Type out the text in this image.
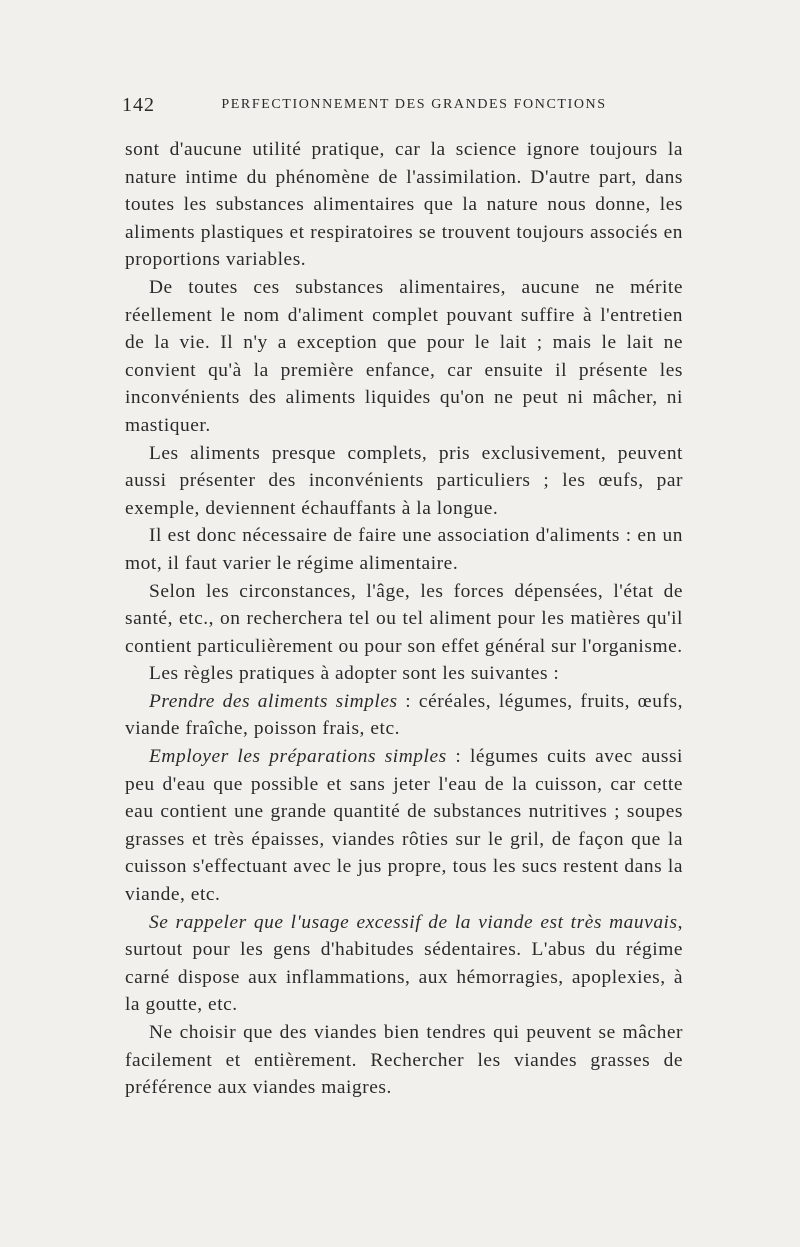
142	PERFECTIONNEMENT DES GRANDES FONCTIONS

sont d'aucune utilité pratique, car la science ignore toujours la nature intime du phénomène de l'assimilation. D'autre part, dans toutes les substances alimentaires que la nature nous donne, les aliments plastiques et respiratoires se trouvent toujours associés en proportions variables.

De toutes ces substances alimentaires, aucune ne mérite réellement le nom d'aliment complet pouvant suffire à l'entretien de la vie. Il n'y a exception que pour le lait ; mais le lait ne convient qu'à la première enfance, car ensuite il présente les inconvénients des aliments liquides qu'on ne peut ni mâcher, ni mastiquer.

Les aliments presque complets, pris exclusivement, peuvent aussi présenter des inconvénients particuliers ; les œufs, par exemple, deviennent échauffants à la longue.

Il est donc nécessaire de faire une association d'aliments : en un mot, il faut varier le régime alimentaire.

Selon les circonstances, l'âge, les forces dépensées, l'état de santé, etc., on recherchera tel ou tel aliment pour les matières qu'il contient particulièrement ou pour son effet général sur l'organisme.

Les règles pratiques à adopter sont les suivantes :

Prendre des aliments simples : céréales, légumes, fruits, œufs, viande fraîche, poisson frais, etc.

Employer les préparations simples : légumes cuits avec aussi peu d'eau que possible et sans jeter l'eau de la cuisson, car cette eau contient une grande quantité de substances nutritives ; soupes grasses et très épaisses, viandes rôties sur le gril, de façon que la cuisson s'effectuant avec le jus propre, tous les sucs restent dans la viande, etc.

Se rappeler que l'usage excessif de la viande est très mauvais, surtout pour les gens d'habitudes sédentaires. L'abus du régime carné dispose aux inflammations, aux hémorragies, apoplexies, à la goutte, etc.

Ne choisir que des viandes bien tendres qui peuvent se mâcher facilement et entièrement. Rechercher les viandes grasses de préférence aux viandes maigres.
